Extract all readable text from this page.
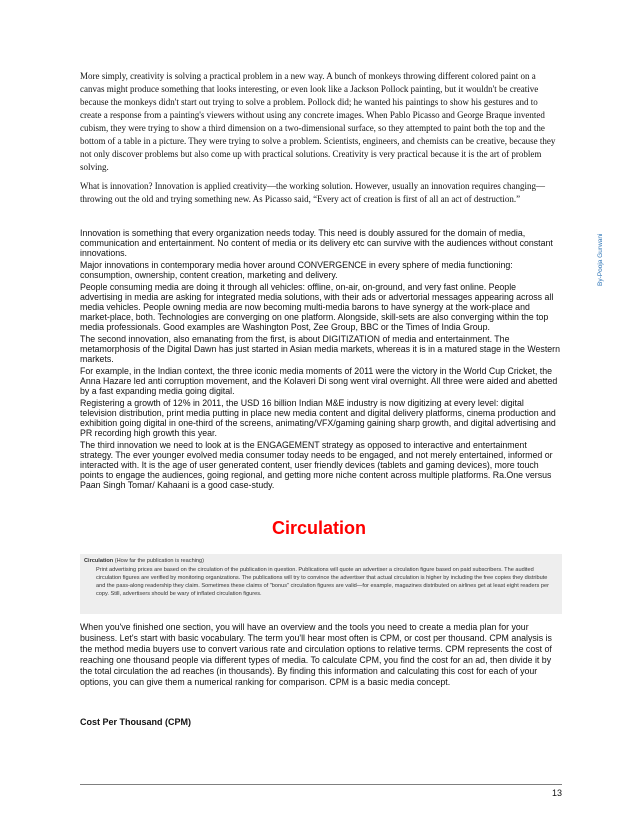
More simply, creativity is solving a practical problem in a new way. A bunch of monkeys throwing different colored paint on a canvas might produce something that looks interesting, or even look like a Jackson Pollock painting, but it wouldn't be creative because the monkeys didn't start out trying to solve a problem. Pollock did; he wanted his paintings to show his gestures and to create a response from a painting's viewers without using any concrete images. When Pablo Picasso and George Braque invented cubism, they were trying to show a third dimension on a two-dimensional surface, so they attempted to paint both the top and the bottom of a table in a picture. They were trying to solve a problem. Scientists, engineers, and chemists can be creative, because they not only discover problems but also come up with practical solutions. Creativity is very practical because it is the art of problem solving.

What is innovation? Innovation is applied creativity—the working solution. However, usually an innovation requires changing—throwing out the old and trying something new. As Picasso said, “Every act of creation is first of all an act of destruction.”

By-Pooja Gurwani

Innovation is something that every organization needs today. This need is doubly assured for the domain of media, communication and entertainment. No content of media or its delivery etc can survive with the audiences without constant innovations.

Major innovations in contemporary media hover around CONVERGENCE in every sphere of media functioning: consumption, ownership, content creation, marketing and delivery.

People consuming media are doing it through all vehicles: offline, on-air, on-ground, and very fast online. People advertising in media are asking for integrated media solutions, with their ads or advertorial messages appearing across all media vehicles. People owning media are now becoming multi-media barons to have synergy at the work-place and market-place, both. Technologies are converging on one platform. Alongside, skill-sets are also converging within the top media professionals. Good examples are Washington Post, Zee Group, BBC or the Times of India Group.

The second innovation, also emanating from the first, is about DIGITIZATION of media and entertainment. The metamorphosis of the Digital Dawn has just started in Asian media markets, whereas it is in a matured stage in the Western markets.

For example, in the Indian context, the three iconic media moments of 2011 were the victory in the World Cup Cricket, the Anna Hazare led anti corruption movement, and the Kolaveri Di song went viral overnight. All three were aided and abetted by a fast expanding media going digital.

Registering a growth of 12% in 2011, the USD 16 billion Indian M&E industry is now digitizing at every level: digital television distribution, print media putting in place new media content and digital delivery platforms, cinema production and exhibition going digital in one-third of the screens, animating/VFX/gaming gaining sharp growth, and digital advertising and PR recording high growth this year.

The third innovation we need to look at is the ENGAGEMENT strategy as opposed to interactive and entertainment strategy. The ever younger evolved media consumer today needs to be engaged, and not merely entertained, informed or interacted with. It is the age of user generated content, user friendly devices (tablets and gaming devices), more touch points to engage the audiences, going regional, and getting more niche content across multiple platforms. Ra.One versus Paan Singh Tomar/ Kahaani is a good case-study.

Circulation

Circulation (How far the publication is reaching)

Print advertising prices are based on the circulation of the publication in question. Publications will quote an advertiser a circulation figure based on paid subscribers. The audited circulation figures are verified by monitoring organizations. The publications will try to convince the advertiser that actual circulation is higher by including the free copies they distribute and the pass-along readership they claim. Sometimes these claims of "bonus" circulation figures are valid—for example, magazines distributed on airlines get at least eight readers per copy. Still, advertisers should be wary of inflated circulation figures.

When you've finished one section, you will have an overview and the tools you need to create a media plan for your business. Let's start with basic vocabulary. The term you'll hear most often is CPM, or cost per thousand. CPM analysis is the method media buyers use to convert various rate and circulation options to relative terms. CPM represents the cost of reaching one thousand people via different types of media. To calculate CPM, you find the cost for an ad, then divide it by the total circulation the ad reaches (in thousands). By finding this information and calculating this cost for each of your options, you can give them a numerical ranking for comparison. CPM is a basic media concept.

Cost Per Thousand (CPM)
13
